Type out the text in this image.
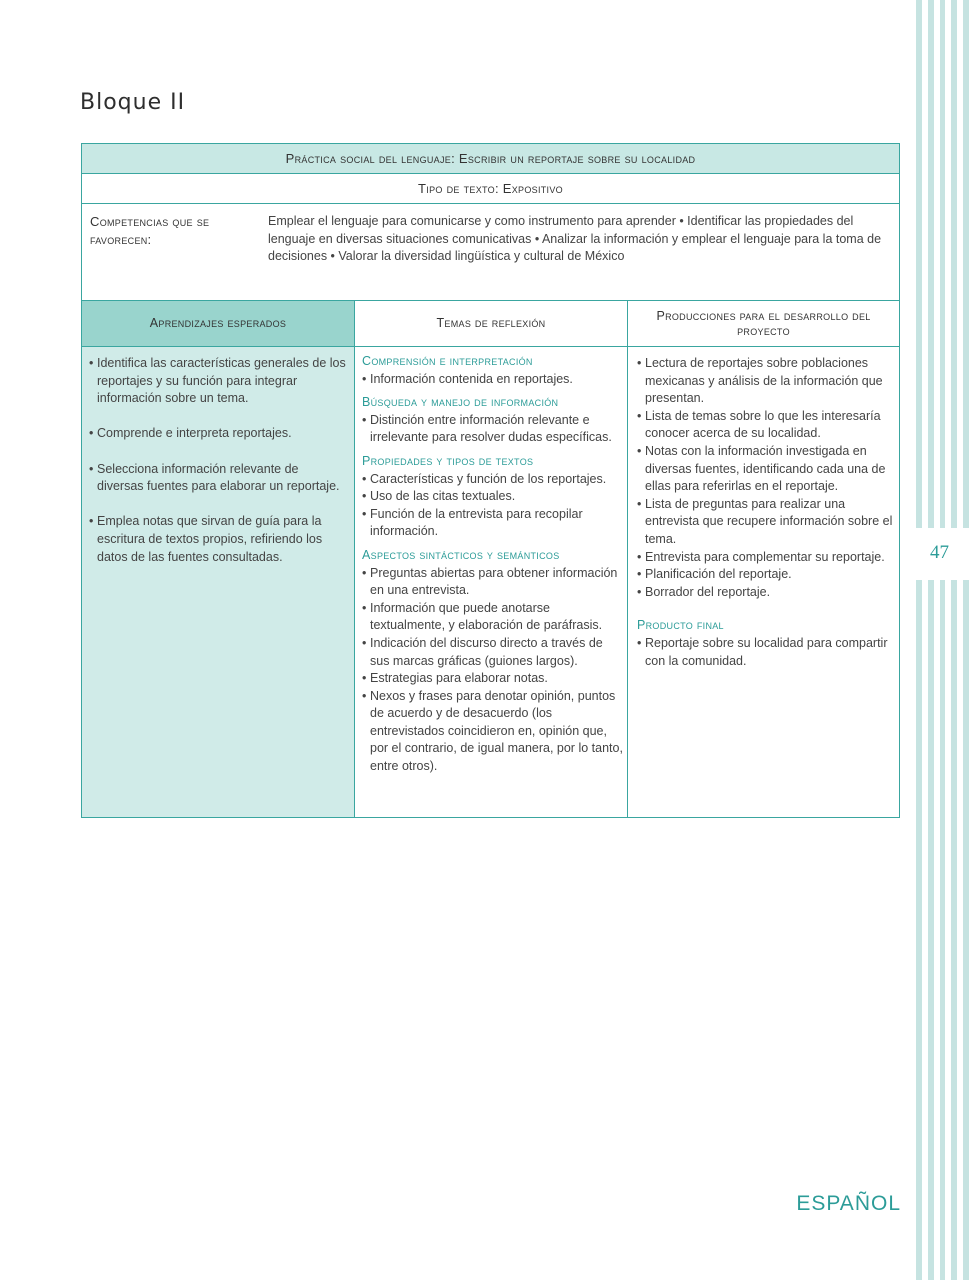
47
Bloque II
Práctica social del lenguaje: Escribir un reportaje sobre su localidad
Tipo de texto: Expositivo
Competencias que se favorecen:
Emplear el lenguaje para comunicarse y como instrumento para aprender • Identificar las propiedades del lenguaje en diversas situaciones comunicativas • Analizar la información y emplear el lenguaje para la toma de decisiones • Valorar la diversidad lingüística y cultural de México
Aprendizajes esperados	Temas de reflexión
Producciones para el desarrollo del proyecto
• Identifica las características generales de los reportajes y su función para integrar información sobre un tema.
• Comprende e interpreta reportajes.
• Selecciona información relevante de diversas fuentes para elaborar un reportaje.
• Emplea notas que sirvan de guía para la escritura de textos propios, refiriendo los datos de las fuentes consultadas.
Comprensión e interpretación
• Información contenida en reportajes.
Búsqueda y manejo de información
• Distinción entre información relevante e irrelevante para resolver dudas específicas.
Propiedades y tipos de textos
• Características y función de los reportajes.
• Uso de las citas textuales.
• Función de la entrevista para recopilar información.
Aspectos sintácticos y semánticos
• Preguntas abiertas para obtener información en una entrevista.
• Información que puede anotarse textualmente, y elaboración de paráfrasis.
• Indicación del discurso directo a través de sus marcas gráficas (guiones largos).
• Estrategias para elaborar notas.
• Nexos y frases para denotar opinión, puntos de acuerdo y de desacuerdo (los entrevistados coincidieron en, opinión que, por el contrario, de igual manera, por lo tanto, entre otros).
• Lectura de reportajes sobre poblaciones mexicanas y análisis de la información que presentan.
• Lista de temas sobre lo que les interesaría conocer acerca de su localidad.
• Notas con la información investigada en diversas fuentes, identificando cada una de ellas para referirlas en el reportaje.
• Lista de preguntas para realizar una entrevista que recupere información sobre el tema.
• Entrevista para complementar su reportaje.
• Planificación del reportaje.
• Borrador del reportaje.
Producto final
• Reportaje sobre su localidad para compartir con la comunidad.
ESPAÑOL
